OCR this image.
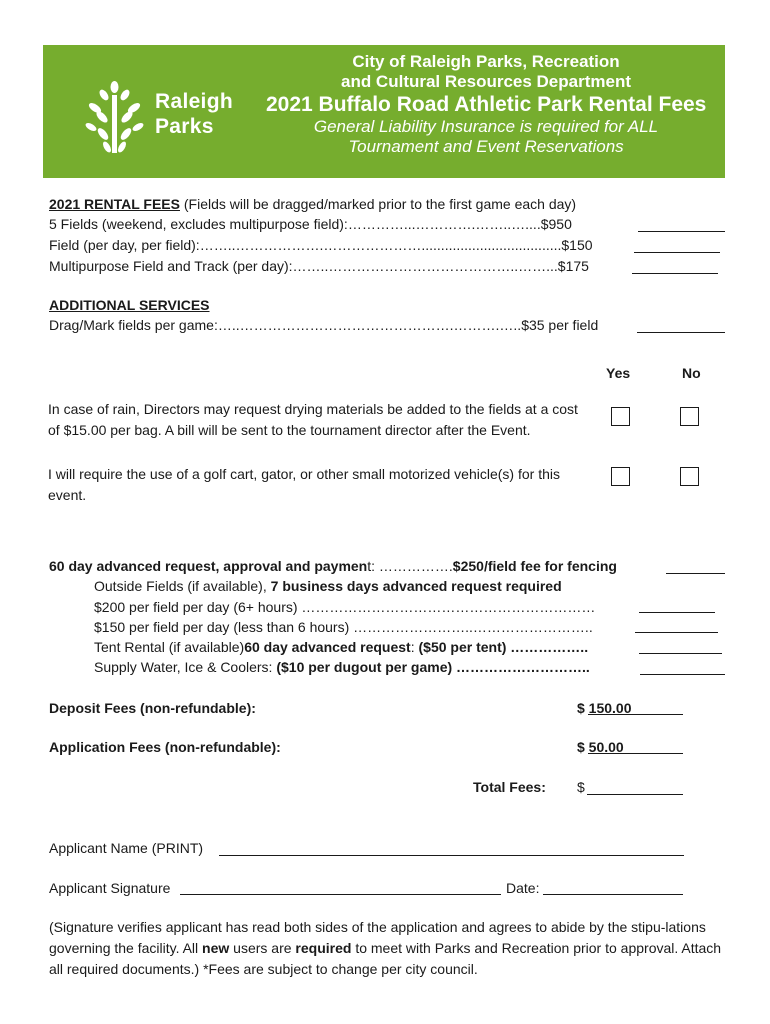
Raleigh
Parks
City of Raleigh Parks, Recreation
and Cultural Resources Department
2021 Buffalo Road Athletic Park Rental Fees
General Liability Insurance is required for ALL
Tournament and Event Reservations
2021 RENTAL FEES (Fields will be dragged/marked prior to the first game each day)
5 Fields (weekend, excludes multipurpose field):…………...………….……..…....$950
Field (per day, per field):……..……………….…………………....................................$150
Multipurpose Field and Track (per day):……..…………………………………..……...$175
ADDITIONAL SERVICES
Drag/Mark fields per game:…..……………………………………….……….…..$35 per field
Yes	No
In case of rain, Directors may request drying materials be added to the fields at a cost of $15.00 per bag. A bill will be sent to the tournament director after the Event.
I will require the use of a golf cart, gator, or other small motorized vehicle(s) for this event.
60 day advanced request, approval and payment: …………….$250/field fee for fencing
Outside Fields (if available), 7 business days advanced request required
$200 per field per day (6+ hours) ………………………………………………………
$150 per field per day (less than 6 hours) ……………………..……………………..
Tent Rental (if available)60 day advanced request: ($50 per tent) ……………..
Supply Water, Ice & Coolers: ($10 per dugout per game) ………………………..
Deposit Fees (non-refundable):	$ 150.00
Application Fees (non-refundable):	$ 50.00
Total Fees: $
Applicant Name (PRINT)
Applicant Signature	Date:
(Signature verifies applicant has read both sides of the application and agrees to abide by the stipu-lations governing the facility. All new users are required to meet with Parks and Recreation prior to approval. Attach all required documents.) *Fees are subject to change per city council.
